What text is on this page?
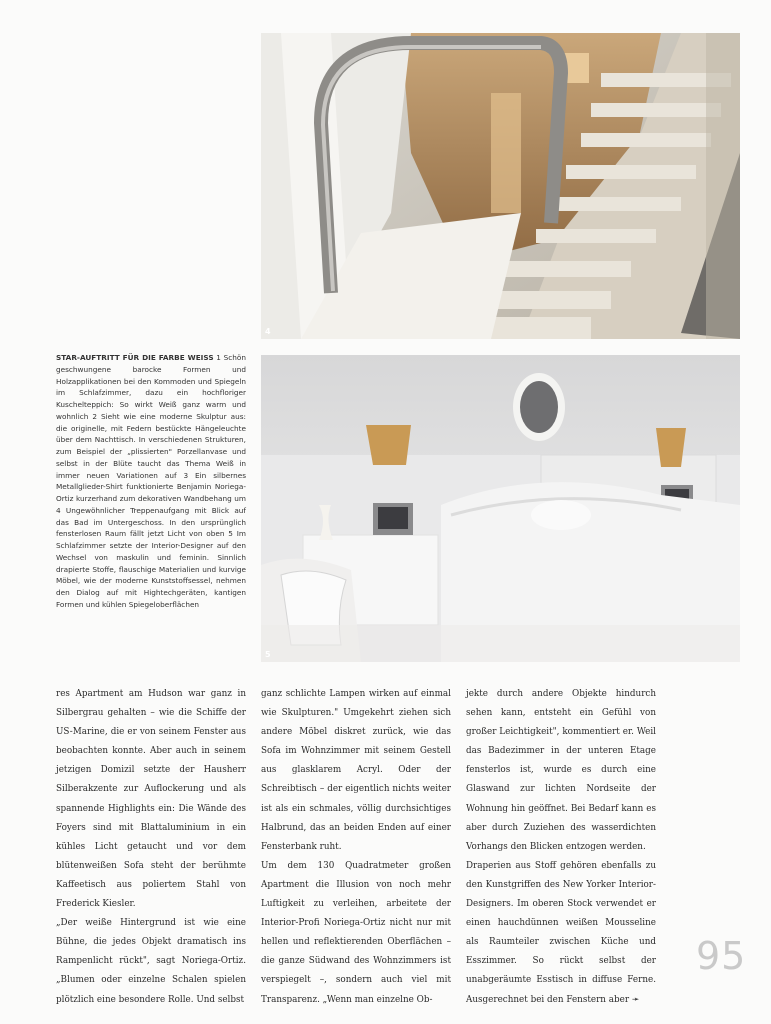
4
5
STAR-AUFTRITT FÜR DIE FARBE WEISS 1 Schön geschwungene barocke Formen und Holzapplikationen bei den Kommoden und Spiegeln im Schlafzimmer, dazu ein hochfloriger Kuschelteppich: So wirkt Weiß ganz warm und wohnlich 2 Sieht wie eine moderne Skulptur aus: die originelle, mit Federn bestückte Hängeleuchte über dem Nachttisch. In verschiedenen Strukturen, zum Beispiel der „plissierten" Porzellanvase und selbst in der Blüte taucht das Thema Weiß in immer neuen Variationen auf 3 Ein silbernes Metallglieder-Shirt funktionierte Benjamin Noriega-Ortiz kurzerhand zum dekorativen Wandbehang um 4 Ungewöhnlicher Treppenaufgang mit Blick auf das Bad im Untergeschoss. In den ursprünglich fensterlosen Raum fällt jetzt Licht von oben 5 Im Schlafzimmer setzte der Interior-Designer auf den Wechsel von maskulin und feminin. Sinnlich drapierte Stoffe, flauschige Materialien und kurvige Möbel, wie der moderne Kunststoffsessel, nehmen den Dialog auf mit Hightechgeräten, kantigen Formen und kühlen Spiegeloberflächen

res Apartment am Hudson war ganz in Silbergrau gehalten – wie die Schiffe der US-Marine, die er von seinem Fenster aus beobachten konnte. Aber auch in seinem jetzigen Domizil setzte der Hausherr Silberakzente zur Auflockerung und als spannende Highlights ein: Die Wände des Foyers sind mit Blattaluminium in ein kühles Licht getaucht und vor dem blütenweißen Sofa steht der berühmte Kaffeetisch aus poliertem Stahl von Frederick Kiesler.

„Der weiße Hintergrund ist wie eine Bühne, die jedes Objekt dramatisch ins Rampenlicht rückt", sagt Noriega-Ortiz. „Blumen oder einzelne Schalen spielen plötzlich eine besondere Rolle. Und selbst

ganz schlichte Lampen wirken auf einmal wie Skulpturen." Umgekehrt ziehen sich andere Möbel diskret zurück, wie das Sofa im Wohnzimmer mit seinem Gestell aus glasklarem Acryl. Oder der Schreibtisch – der eigentlich nichts weiter ist als ein schmales, völlig durchsichtiges Halbrund, das an beiden Enden auf einer Fensterbank ruht.

Um dem 130 Quadratmeter großen Apartment die Illusion von noch mehr Luftigkeit zu verleihen, arbeitete der Interior-Profi Noriega-Ortiz nicht nur mit hellen und reflektierenden Oberflächen – die ganze Südwand des Wohnzimmers ist verspiegelt –, sondern auch viel mit Transparenz. „Wenn man einzelne Ob-

jekte durch andere Objekte hindurch sehen kann, entsteht ein Gefühl von großer Leichtigkeit", kommentiert er. Weil das Badezimmer in der unteren Etage fensterlos ist, wurde es durch eine Glaswand zur lichten Nordseite der Wohnung hin geöffnet. Bei Bedarf kann es aber durch Zuziehen des wasserdichten Vorhangs den Blicken entzogen werden.

Draperien aus Stoff gehören ebenfalls zu den Kunstgriffen des New Yorker Interior-Designers. Im oberen Stock verwendet er einen hauchdünnen weißen Mousseline als Raumteiler zwischen Küche und Esszimmer. So rückt selbst der unabgeräumte Esstisch in diffuse Ferne. Ausgerechnet bei den Fenstern aber ➛

95
